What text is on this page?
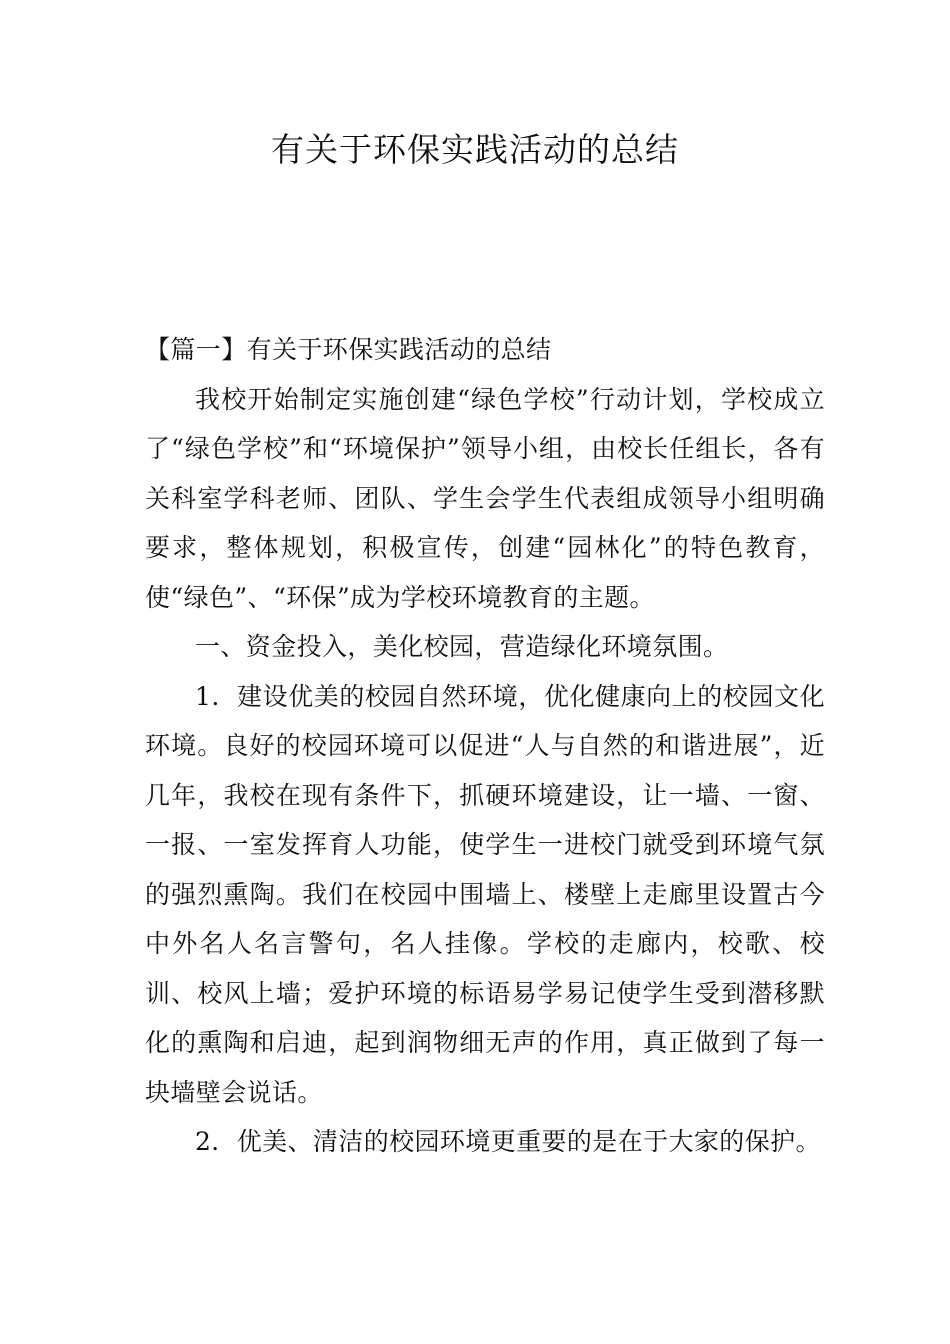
有关于环保实践活动的总结

【篇一】有关于环保实践活动的总结

我校开始制定实施创建“绿色学校”行动计划，学校成立了“绿色学校”和“环境保护”领导小组，由校长任组长，各有关科室学科老师、团队、学生会学生代表组成领导小组明确要求，整体规划，积极宣传，创建“园林化”的特色教育，使“绿色”、“环保”成为学校环境教育的主题。

一、资金投入，美化校园，营造绿化环境氛围。

1．建设优美的校园自然环境，优化健康向上的校园文化环境。良好的校园环境可以促进“人与自然的和谐进展”，近几年，我校在现有条件下，抓硬环境建设，让一墙、一窗、一报、一室发挥育人功能，使学生一进校门就受到环境气氛的强烈熏陶。我们在校园中围墙上、楼壁上走廊里设置古今中外名人名言警句，名人挂像。学校的走廊内，校歌、校训、校风上墙；爱护环境的标语易学易记使学生受到潜移默化的熏陶和启迪，起到润物细无声的作用，真正做到了每一块墙壁会说话。

2．优美、清洁的校园环境更重要的是在于大家的保护。
